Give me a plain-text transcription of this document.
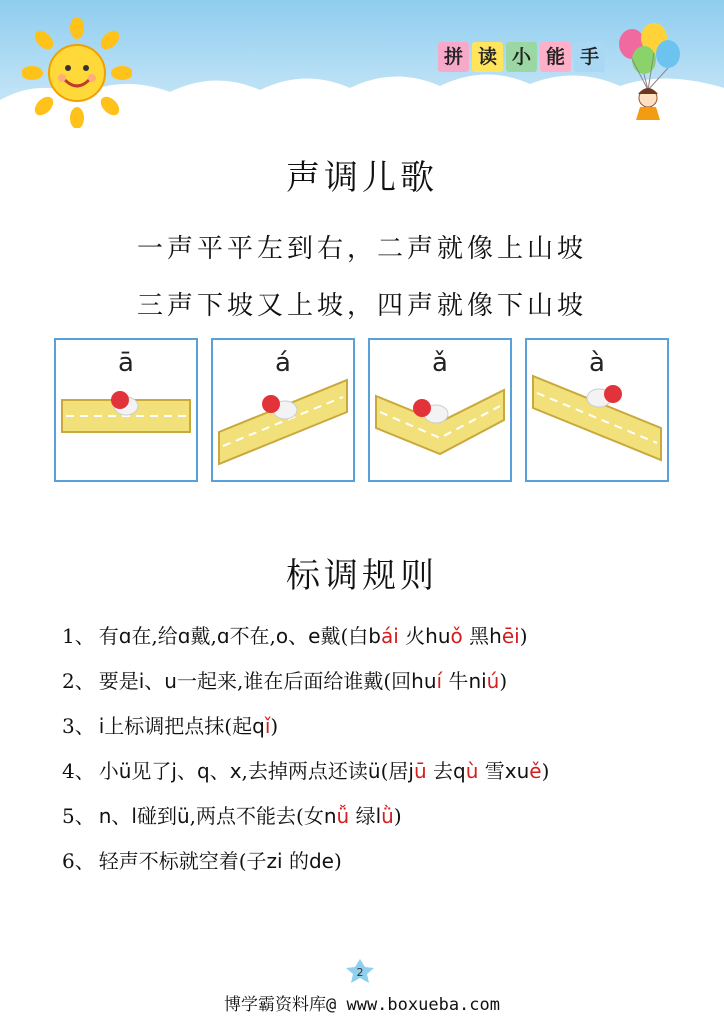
拼 读 小 能 手
声调儿歌
一声平平左到右，二声就像上山坡
三声下坡又上坡，四声就像下山坡
ā	á	ǎ	à
标调规则
1、 有ɑ在,给ɑ戴,ɑ不在,o、e戴(白bái 火huǒ 黑hēi)
2、 要是i、u一起来,谁在后面给谁戴(回huí 牛niú)
3、 i上标调把点抹(起qǐ)
4、 小ü见了j、q、x,去掉两点还读ü(居jū 去qù 雪xuě)
5、 n、l碰到ü,两点不能去(女nǚ 绿lǜ)
6、 轻声不标就空着(子zi 的de)
2
博学霸资料库@ www.boxueba.com
